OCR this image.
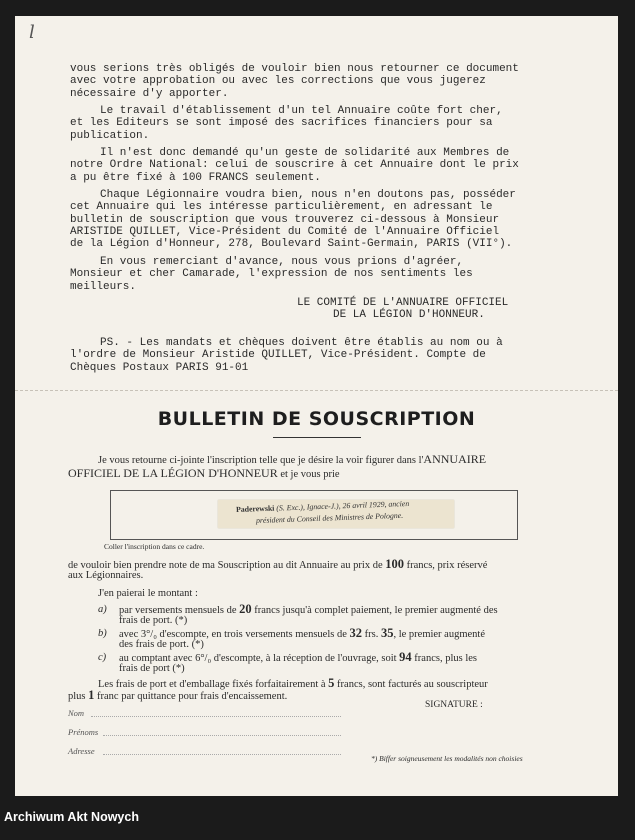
l

vous serions très obligés de vouloir bien nous retourner ce document

avec votre approbation ou avec les corrections que vous jugerez

nécessaire d'y apporter.

Le travail d'établissement d'un tel Annuaire coûte fort cher,

et les Editeurs se sont imposé des sacrifices financiers pour sa

publication.

Il n'est donc demandé qu'un geste de solidarité aux Membres de

notre Ordre National: celui de souscrire à cet Annuaire dont le prix

a pu être fixé à 100 FRANCS seulement.

Chaque Légionnaire voudra bien, nous n'en doutons pas, posséder

cet Annuaire qui les intéresse particulièrement, en adressant le

bulletin de souscription que vous trouverez ci-dessous à Monsieur

ARISTIDE QUILLET, Vice-Président du Comité de l'Annuaire Officiel

de la Légion d'Honneur, 278, Boulevard Saint-Germain, PARIS (VII°).

En vous remerciant d'avance, nous vous prions d'agréer,

Monsieur et cher Camarade, l'expression de nos sentiments les

meilleurs.

LE COMITÉ DE L'ANNUAIRE OFFICIEL

DE LA LÉGION D'HONNEUR.

PS. - Les mandats et chèques doivent être établis au nom ou à

l'ordre de Monsieur Aristide QUILLET, Vice-Président. Compte de

Chèques Postaux PARIS 91-01

BULLETIN DE SOUSCRIPTION
Je vous retourne ci-jointe l'inscription telle que je désire la voir figurer dans l'ANNUAIRE
OFFICIEL DE LA LÉGION D'HONNEUR et je vous prie
Paderewski (S. Exc.), Ignace-J.), 26 avril 1929, ancien
président du Conseil des Ministres de Pologne.
Coller l'inscription dans ce cadre.
de vouloir bien prendre note de ma Souscription au dit Annuaire au prix de 100 francs, prix réservé
aux Légionnaires.
J'en paierai le montant :
a) par versements mensuels de 20 francs jusqu'à complet paiement, le premier augmenté des
frais de port. (*)
b) avec 3°/₀ d'escompte, en trois versements mensuels de 32 frs. 35, le premier augmenté
des frais de port. (*)
c) au comptant avec 6°/₀ d'escompte, à la réception de l'ouvrage, soit 94 francs, plus les
frais de port (*)
Les frais de port et d'emballage fixés forfaitairement à 5 francs, sont facturés au souscripteur
plus 1 franc par quittance pour frais d'encaissement.
SIGNATURE :
Nom
Prénoms
Adresse
*) Biffer soigneusement les modalités non choisies
Archiwum Akt Nowych
